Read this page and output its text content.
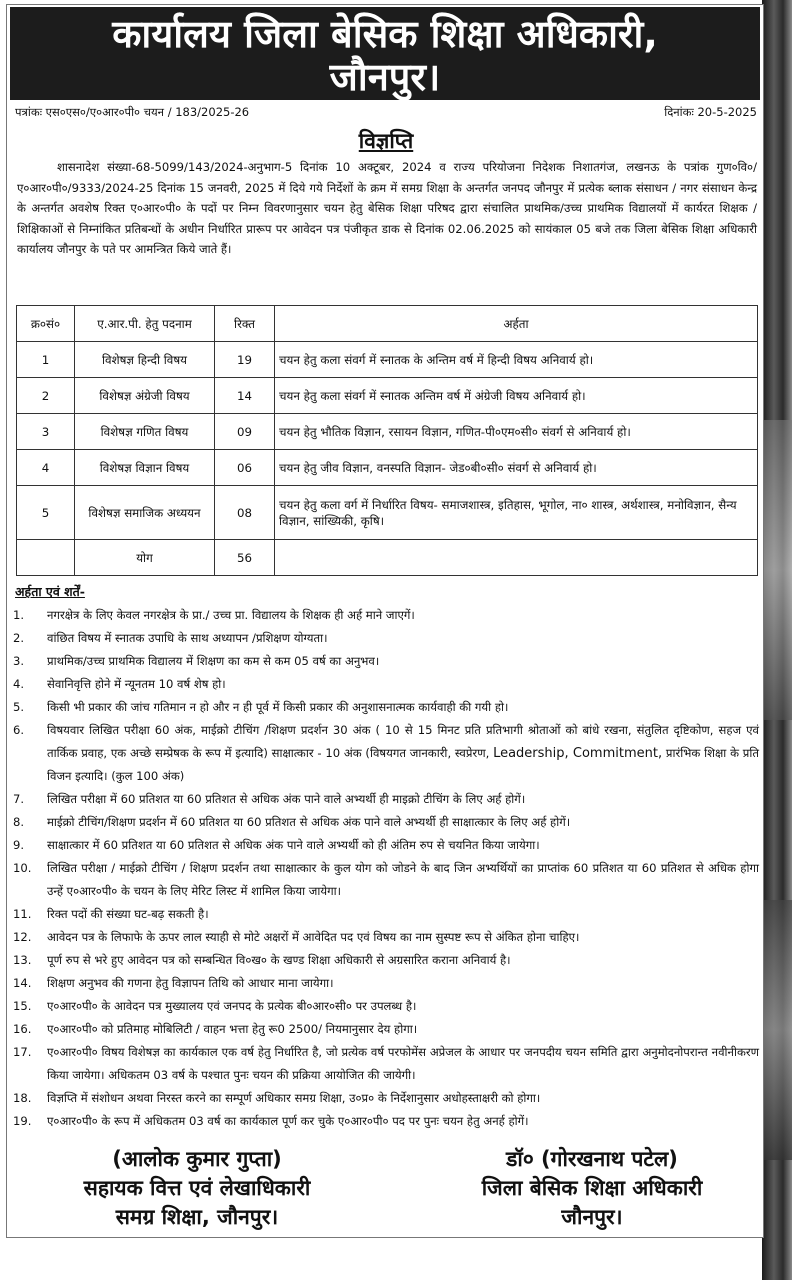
कार्यालय जिला बेसिक शिक्षा अधिकारी,
जौनपुर।
पत्रांकः एस०एस०/ए०आर०पी० चयन / 183/2025-26	दिनांकः 20-5-2025
विज्ञप्ति

शासनादेश संख्या-68-5099/143/2024-अनुभाग-5 दिनांक 10 अक्टूबर, 2024 व राज्य परियोजना निदेशक निशातगंज, लखनऊ के पत्रांक गुण०वि०/ए०आर०पी०/9333/2024-25 दिनांक 15 जनवरी, 2025 में दिये गये निर्देशों के क्रम में समग्र शिक्षा के अन्तर्गत जनपद जौनपुर में प्रत्येक ब्लाक संसाधन / नगर संसाधन केन्द्र के अन्तर्गत अवशेष रिक्त ए०आर०पी० के पदों पर निम्न विवरणानुसार चयन हेतु बेसिक शिक्षा परिषद द्वारा संचालित प्राथमिक/उच्च प्राथमिक विद्यालयों में कार्यरत शिक्षक / शिक्षिकाओं से निम्नांकित प्रतिबन्धों के अधीन निर्धारित प्रारूप पर आवेदन पत्र पंजीकृत डाक से दिनांक 02.06.2025 को सायंकाल 05 बजे तक जिला बेसिक शिक्षा अधिकारी कार्यालय जौनपुर के पते पर आमन्त्रित किये जाते हैं।

क्र०सं०	ए.आर.पी. हेतु पदनाम	रिक्त	अर्हता
1	विशेषज्ञ हिन्दी विषय	19	चयन हेतु कला संवर्ग में स्नातक के अन्तिम वर्ष में हिन्दी विषय अनिवार्य हो।
2	विशेषज्ञ अंग्रेजी विषय	14	चयन हेतु कला संवर्ग में स्नातक अन्तिम वर्ष में अंग्रेजी विषय अनिवार्य हो।
3	विशेषज्ञ गणित विषय	09	चयन हेतु भौतिक विज्ञान, रसायन विज्ञान, गणित-पी०एम०सी० संवर्ग से अनिवार्य हो।
4	विशेषज्ञ विज्ञान विषय	06	चयन हेतु जीव विज्ञान, वनस्पति विज्ञान- जेड०बी०सी० संवर्ग से अनिवार्य हो।
5	विशेषज्ञ समाजिक अध्ययन	08	चयन हेतु कला वर्ग में निर्धारित विषय- समाजशास्त्र, इतिहास, भूगोल, ना० शास्त्र, अर्थशास्त्र, मनोविज्ञान, सैन्य विज्ञान, सांख्यिकी, कृषि।
	योग	56	
अर्हता एवं शर्तें-
1.	नगरक्षेत्र के लिए केवल नगरक्षेत्र के प्रा./ उच्च प्रा. विद्यालय के शिक्षक ही अर्ह माने जाएगें।
2.	वांछित विषय में स्नातक उपाधि के साथ अध्यापन /प्रशिक्षण योग्यता।
3.	प्राथमिक/उच्च प्राथमिक विद्यालय में शिक्षण का कम से कम 05 वर्ष का अनुभव।
4.	सेवानिवृत्ति होने में न्यूनतम 10 वर्ष शेष हो।
5.	किसी भी प्रकार की जांच गतिमान न हो और न ही पूर्व में किसी प्रकार की अनुशासनात्मक कार्यवाही की गयी हो।
6.	विषयवार लिखित परीक्षा 60 अंक, माईक्रो टीचिंग /शिक्षण प्रदर्शन 30 अंक ( 10 से 15 मिनट प्रति प्रतिभागी श्रोताओं को बांधे रखना, संतुलित दृष्टिकोण, सहज एवं तार्किक प्रवाह, एक अच्छे सम्प्रेषक के रूप में इत्यादि) साक्षात्कार - 10 अंक (विषयगत जानकारी, स्वप्रेरण, Leadership, Commitment, प्रारंभिक शिक्षा के प्रति विजन इत्यादि। (कुल 100 अंक)
7.	लिखित परीक्षा में 60 प्रतिशत या 60 प्रतिशत से अधिक अंक पाने वाले अभ्यर्थी ही माइक्रो टीचिंग के लिए अर्ह होगें।
8.	माईक्रो टीचिंग/शिक्षण प्रदर्शन में 60 प्रतिशत या 60 प्रतिशत से अधिक अंक पाने वाले अभ्यर्थी ही साक्षात्कार के लिए अर्ह होगें।
9.	साक्षात्कार में 60 प्रतिशत या 60 प्रतिशत से अधिक अंक पाने वाले अभ्यर्थी को ही अंतिम रुप से चयनित किया जायेगा।
10.	लिखित परीक्षा / माईक्रो टीचिंग / शिक्षण प्रदर्शन तथा साक्षात्कार के कुल योग को जोडने के बाद जिन अभ्यर्थियों का प्राप्तांक 60 प्रतिशत या 60 प्रतिशत से अधिक होगा उन्हें ए०आर०पी० के चयन के लिए मेरिट लिस्ट में शामिल किया जायेगा।
11.	रिक्त पदों की संख्या घट-बढ़ सकती है।
12.	आवेदन पत्र के लिफाफे के ऊपर लाल स्याही से मोटे अक्षरों में आवेदित पद एवं विषय का नाम सुस्पष्ट रूप से अंकित होना चाहिए।
13.	पूर्ण रुप से भरे हुए आवेदन पत्र को सम्बन्धित वि०ख० के खण्ड शिक्षा अधिकारी से अग्रसारित कराना अनिवार्य है।
14.	शिक्षण अनुभव की गणना हेतु विज्ञापन तिथि को आधार माना जायेगा।
15.	ए०आर०पी० के आवेदन पत्र मुख्यालय एवं जनपद के प्रत्येक बी०आर०सी० पर उपलब्ध है।
16.	ए०आर०पी० को प्रतिमाह मोबिलिटी / वाहन भत्ता हेतु रू0 2500/ नियमानुसार देय होगा।
17.	ए०आर०पी० विषय विशेषज्ञ का कार्यकाल एक वर्ष हेतु निर्धारित है, जो प्रत्येक वर्ष परफोमेंस अप्रेजल के आधार पर जनपदीय चयन समिति द्वारा अनुमोदनोपरान्त नवीनीकरण किया जायेगा। अधिकतम 03 वर्ष के पश्चात पुनः चयन की प्रक्रिया आयोजित की जायेगी।
18.	विज्ञप्ति में संशोधन अथवा निरस्त करने का सम्पूर्ण अधिकार समग्र शिक्षा, उ०प्र० के निर्देशानुसार अधोहस्ताक्षरी को होगा।
19.	ए०आर०पी० के रूप में अधिकतम 03 वर्ष का कार्यकाल पूर्ण कर चुके ए०आर०पी० पद पर पुनः चयन हेतु अनर्ह होगें।
(आलोक कुमार गुप्ता)
सहायक वित्त एवं लेखाधिकारी
समग्र शिक्षा, जौनपुर।
डॉ० (गोरखनाथ पटेल)
जिला बेसिक शिक्षा अधिकारी
जौनपुर।
